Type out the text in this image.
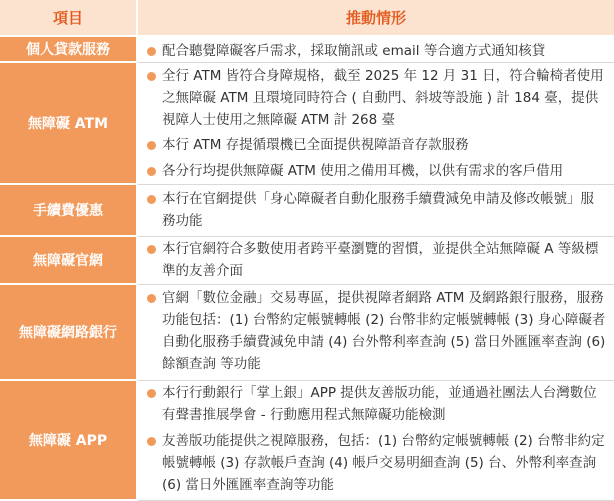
項目	推動情形
個人貸款服務	配合聽覺障礙客戶需求，採取簡訊或 email 等合適方式通知核貸
無障礙 ATM
全行 ATM 皆符合身障規格，截至 2025 年 12 月 31 日，符合輪椅者使用之無障礙 ATM 且環境同時符合 ( 自動門、斜坡等設施 ) 計 184 臺，提供視障人士使用之無障礙 ATM 計 268 臺
本行 ATM 存提循環機已全面提供視障語音存款服務
各分行均提供無障礙 ATM 使用之備用耳機，以供有需求的客戶借用
手續費優惠
本行在官網提供「身心障礙者自動化服務手續費減免申請及修改帳號」服務功能
無障礙官網
本行官網符合多數使用者跨平臺瀏覽的習慣，並提供全站無障礙 A 等級標準的友善介面
無障礙網路銀行
官網「數位金融」交易專區，提供視障者網路 ATM 及網路銀行服務，服務功能包括：(1) 台幣約定帳號轉帳 (2) 台幣非約定帳號轉帳 (3) 身心障礙者自動化服務手續費減免申請 (4) 台外幣利率查詢 (5) 當日外匯匯率查詢 (6) 餘額查詢 等功能
無障礙 APP
本行行動銀行「掌上銀」APP 提供友善版功能，並通過社團法人台灣數位有聲書推展學會 - 行動應用程式無障礙功能檢測
友善版功能提供之視障服務，包括：(1) 台幣約定帳號轉帳 (2) 台幣非約定帳號轉帳 (3) 存款帳戶查詢 (4) 帳戶交易明細查詢 (5) 台、外幣利率查詢 (6) 當日外匯匯率查詢等功能
